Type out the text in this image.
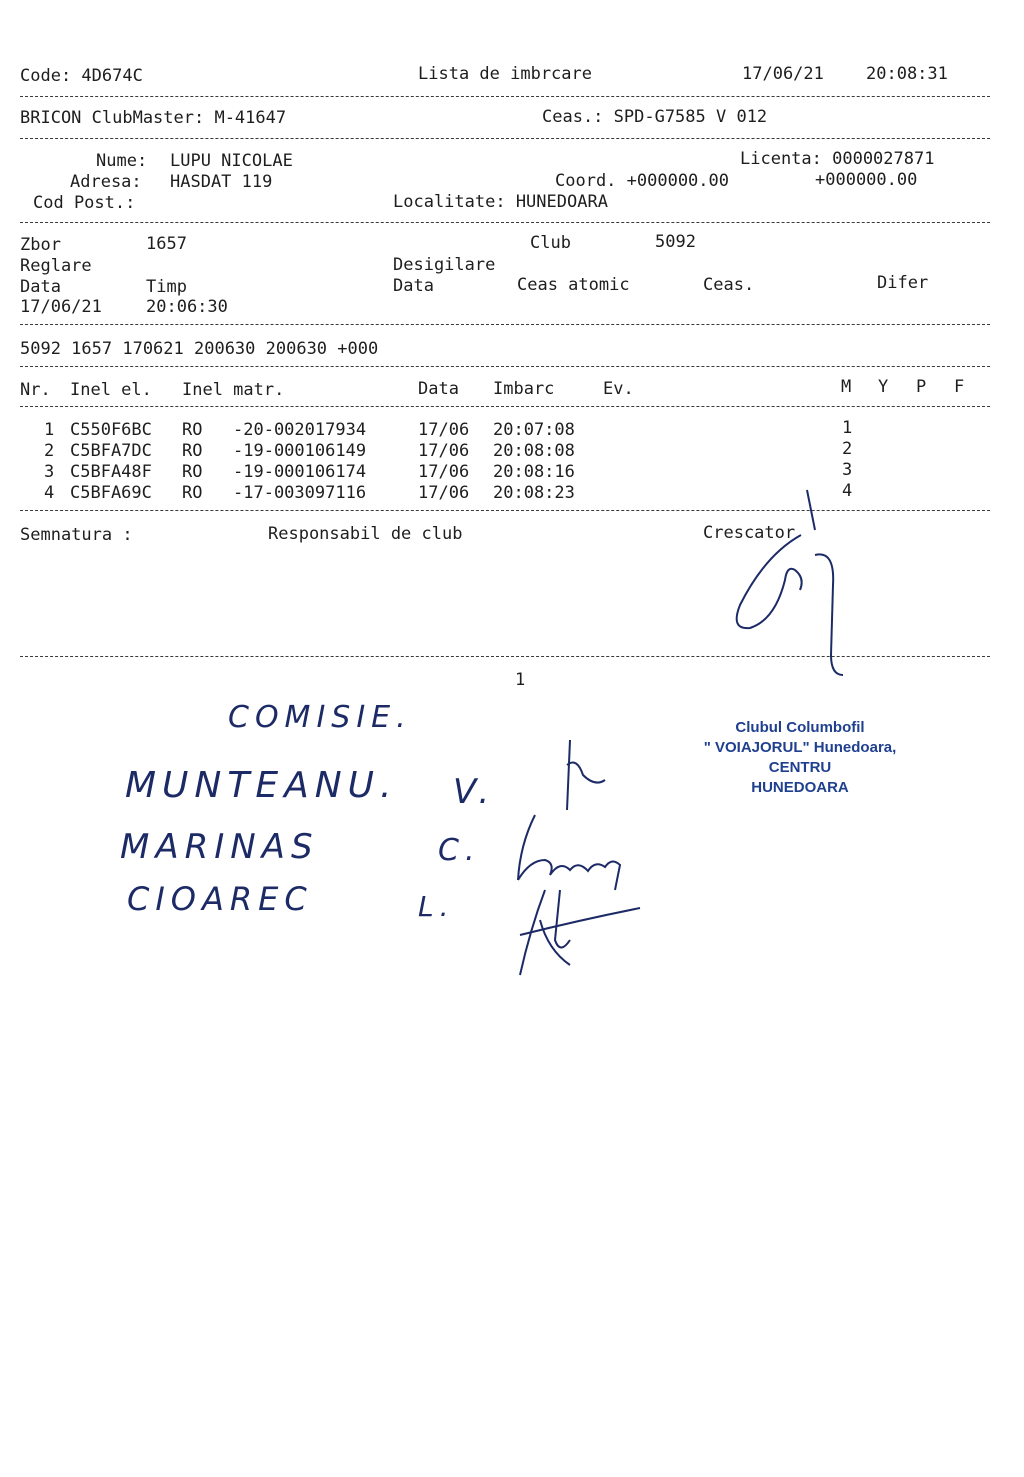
Code: 4D674C	Lista de imbrcare	17/06/21 20:08:31
BRICON ClubMaster: M-41647	Ceas.: SPD-G7585 V 012
Nume: LUPU NICOLAE	Licenta: 0000027871
Adresa: HASDAT 119	Coord. +000000.00	+000000.00
Cod Post.:	Localitate: HUNEDOARA
Zbor	1657	Club	5092
Reglare	Desigilare
Data	Timp	Data	Ceas atomic	Ceas.	Difer
17/06/21	20:06:30
5092 1657 170621 200630 200630 +000
Nr. Inel el. Inel matr.	Data Imbarc	Ev.	M Y P F
1 C550F6BC RO -20-002017934	17/06 20:07:08	1
2 C5BFA7DC RO -19-000106149	17/06 20:08:08	2
3 C5BFA48F RO -19-000106174	17/06 20:08:16	3
4 C5BFA69C RO -17-003097116	17/06 20:08:23	4
Semnatura :	Responsabil de club	Crescator
1
COMISIE.
MUNTEANU. V.
MARINAS	C.
CIOAREC	L.
Clubul Columbofil
" VOIAJORUL" Hunedoara,
CENTRU
HUNEDOARA
